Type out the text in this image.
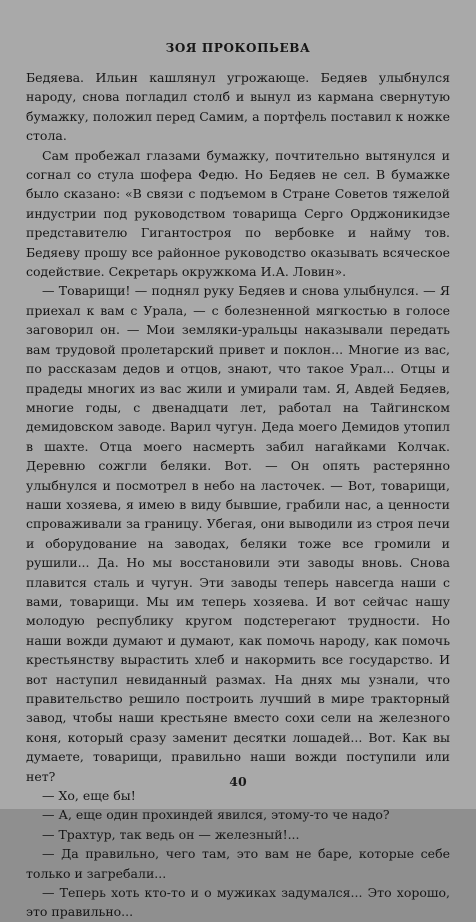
ЗОЯ ПРОКОПЬЕВА

Бедяева. Ильин кашлянул угрожающе. Бедяев улыбнулся народу, снова погладил столб и вынул из кармана свернутую бумажку, положил перед Самим, а портфель поставил к ножке стола.

Сам пробежал глазами бумажку, почтительно вытянулся и согнал со стула шофера Федю. Но Бедяев не сел. В бумажке было сказано: «В связи с подъемом в Стране Советов тяжелой индустрии под руководством товарища Серго Орджоникидзе представителю Гигантостроя по вербовке и найму тов. Бедяеву прошу все районное руководство оказывать всяческое содействие. Секретарь окружкома И.А. Ловин».

— Товарищи! — поднял руку Бедяев и снова улыбнулся. — Я приехал к вам с Урала, — с болезненной мягкостью в голосе заговорил он. — Мои земляки-уральцы наказывали передать вам трудовой пролетарский привет и поклон... Многие из вас, по рассказам дедов и отцов, знают, что такое Урал... Отцы и прадеды многих из вас жили и умирали там. Я, Авдей Бедяев, многие годы, с двенадцати лет, работал на Тайгинском демидовском заводе. Варил чугун. Деда моего Демидов утопил в шахте. Отца моего насмерть забил нагайками Колчак. Деревню сожгли беляки. Вот. — Он опять растерянно улыбнулся и посмотрел в небо на ласточек. — Вот, товарищи, наши хозяева, я имею в виду бывшие, грабили нас, а ценности спроваживали за границу. Убегая, они выводили из строя печи и оборудование на заводах, беляки тоже все громили и рушили... Да. Но мы восстановили эти заводы вновь. Снова плавится сталь и чугун. Эти заводы теперь навсегда наши с вами, товарищи. Мы им теперь хозяева. И вот сейчас нашу молодую республику кругом подстерегают трудности. Но наши вожди думают и думают, как помочь народу, как помочь крестьянству вырастить хлеб и накормить все государство. И вот наступил невиданный размах. На днях мы узнали, что правительство решило построить лучший в мире тракторный завод, чтобы наши крестьяне вместо сохи сели на железного коня, который сразу заменит десятки лошадей... Вот. Как вы думаете, товарищи, правильно наши вожди поступили или нет?

— Хо, еще бы!

— А, еще один прохиндей явился, этому-то че надо?

— Трахтур, так ведь он — железный!...

— Да правильно, чего там, это вам не баре, которые себе только и загребали...

— Теперь хоть кто-то и о мужиках задумался... Это хорошо, это правильно...

40
